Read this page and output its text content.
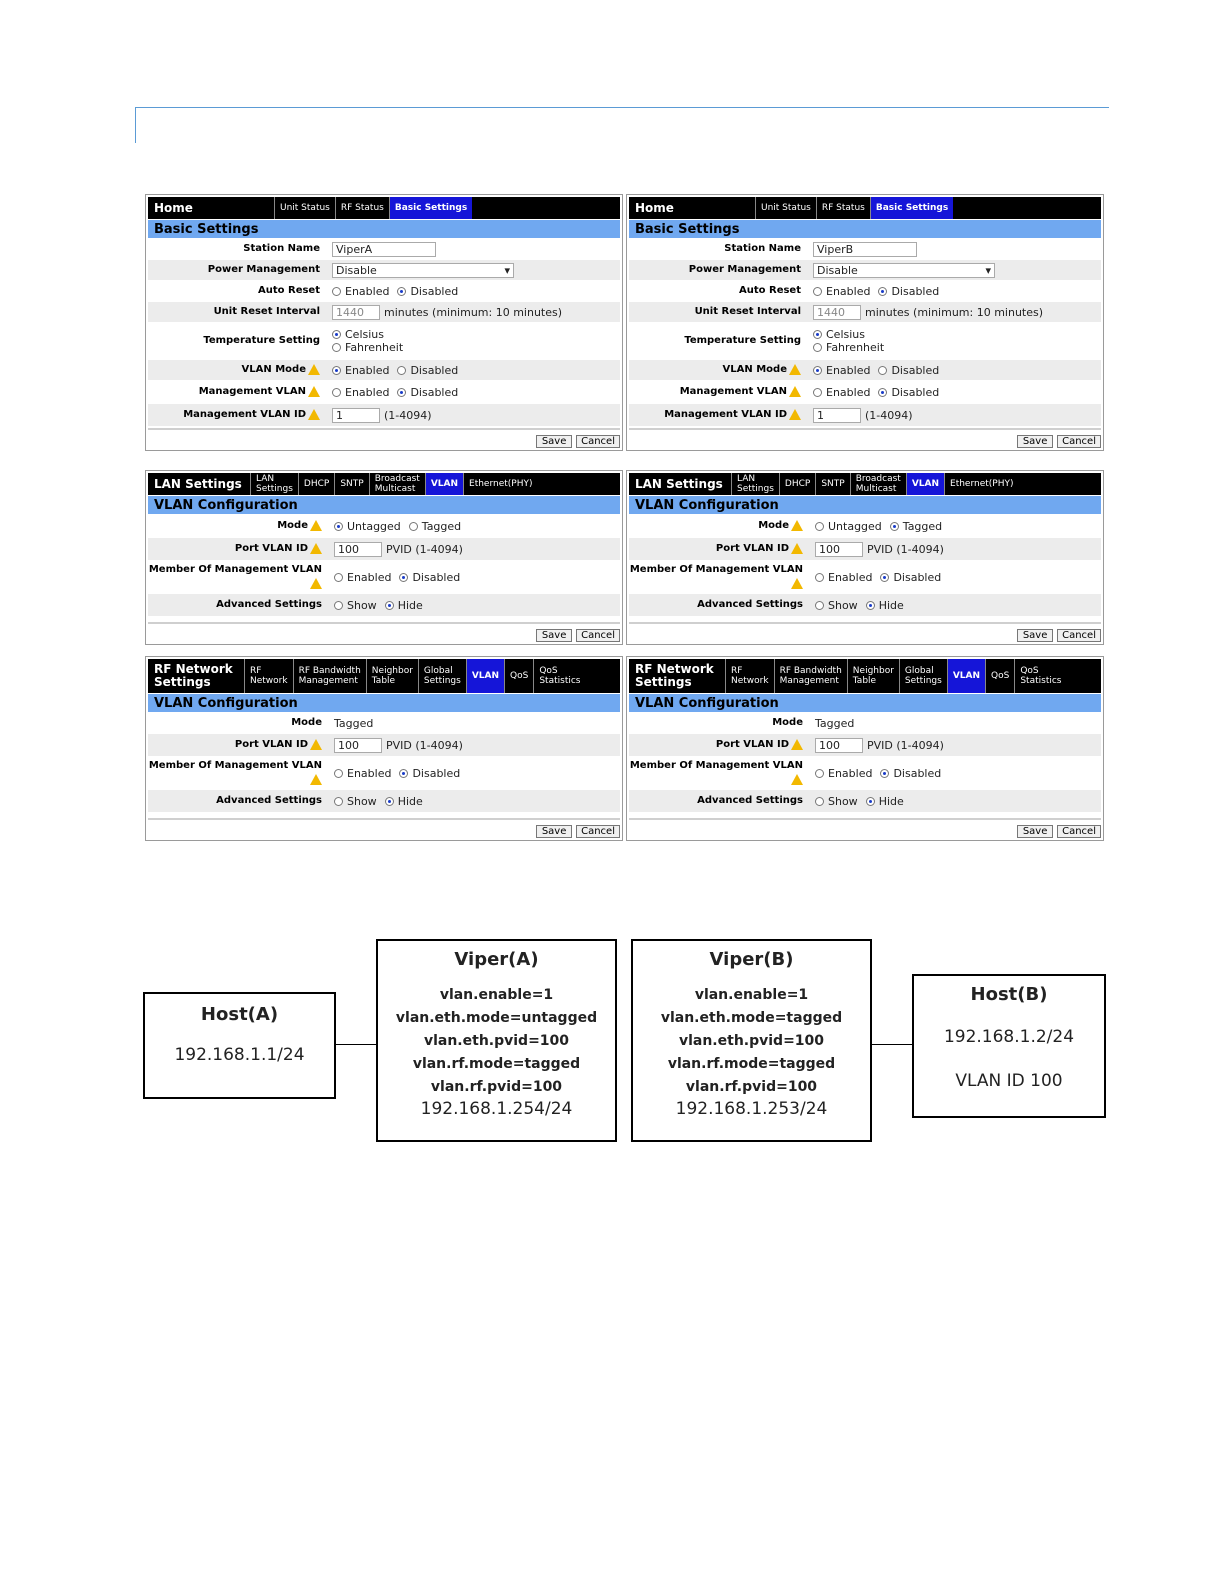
Home	Unit Status	RF Status	Basic Settings
Basic Settings
Station Name	ViperA
Power Management	Disable	▾
Auto Reset	Enabled Disabled
Unit Reset Interval	1440	minutes (minimum: 10 minutes)
Temperature Setting	Celsius
Fahrenheit
VLAN Mode	Enabled Disabled
Management VLAN	Enabled Disabled
Management VLAN ID	1	(1-4094)
Save	Cancel
Home	Unit Status	RF Status	Basic Settings
Basic Settings
Station Name	ViperB
Power Management	Disable	▾
Auto Reset	Enabled Disabled
Unit Reset Interval	1440	minutes (minimum: 10 minutes)
Temperature Setting	Celsius
Fahrenheit
VLAN Mode	Enabled Disabled
Management VLAN	Enabled Disabled
Management VLAN ID	1	(1-4094)
Save	Cancel
LAN Settings	LAN
Settings	DHCP	SNTP	Broadcast
Multicast	VLAN	Ethernet(PHY)
VLAN Configuration
Mode	Untagged Tagged
Port VLAN ID	100	PVID (1-4094)
Member Of Management VLAN

Enabled Disabled
Advanced Settings	Show Hide
Save	Cancel
LAN Settings	LAN
Settings	DHCP	SNTP	Broadcast
Multicast	VLAN	Ethernet(PHY)
VLAN Configuration
Mode	Untagged Tagged
Port VLAN ID	100	PVID (1-4094)
Member Of Management VLAN

Enabled Disabled
Advanced Settings	Show Hide
Save	Cancel
RF Network
Settings
RF
Network
RF Bandwidth
Management
Neighbor
Table
Global
Settings	VLAN	QoS	QoS
Statistics
VLAN Configuration
Mode	Tagged
Port VLAN ID	100	PVID (1-4094)
Member Of Management VLAN

Enabled Disabled
Advanced Settings	Show Hide
Save	Cancel
RF Network
Settings
RF
Network
RF Bandwidth
Management
Neighbor
Table
Global
Settings	VLAN	QoS	QoS
Statistics
VLAN Configuration
Mode	Tagged
Port VLAN ID	100	PVID (1-4094)
Member Of Management VLAN

Enabled Disabled
Advanced Settings	Show Hide
Save	Cancel
Host(A)
192.168.1.1/24
Viper(A)
vlan.enable=1
vlan.eth.mode=untagged
vlan.eth.pvid=100
vlan.rf.mode=tagged
vlan.rf.pvid=100
192.168.1.254/24
Viper(B)
vlan.enable=1
vlan.eth.mode=tagged
vlan.eth.pvid=100
vlan.rf.mode=tagged
vlan.rf.pvid=100
192.168.1.253/24
Host(B)
192.168.1.2/24
VLAN ID 100
